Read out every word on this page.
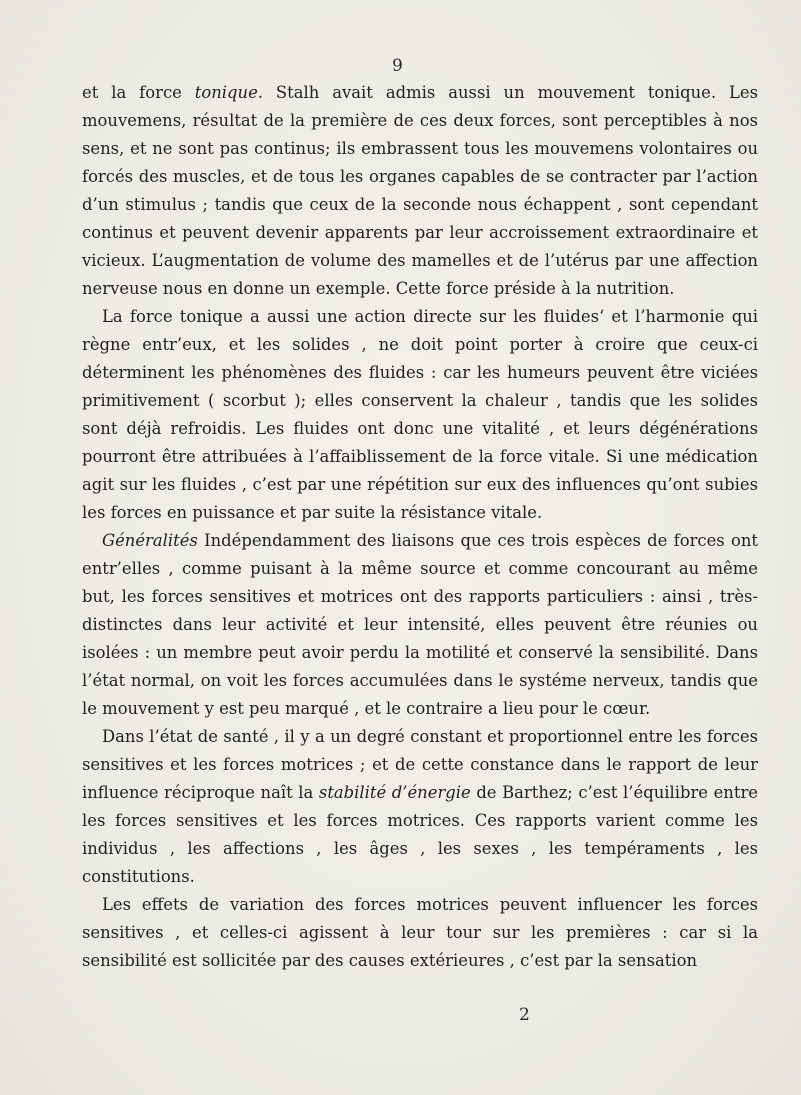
9

et la force tonique. Stalh avait admis aussi un mouvement tonique. Les mouvemens, résultat de la première de ces deux forces, sont perceptibles à nos sens, et ne sont pas continus; ils embrassent tous les mouvemens volontaires ou forcés des muscles, et de tous les organes capables de se contracter par l’action d’un stimulus ; tandis que ceux de la seconde nous échappent , sont cependant continus et peuvent devenir apparents par leur accroissement extraordinaire et vicieux. L’augmentation de volume des mamelles et de l’utérus par une affection nerveuse nous en donne un exemple. Cette force préside à la nutrition.

La force tonique a aussi une action directe sur les fluides‘ et l’harmonie qui règne entr’eux, et les solides , ne doit point porter à croire que ceux-ci déterminent les phénomènes des fluides : car les humeurs peuvent être viciées primitivement ( scorbut ); elles conservent la chaleur , tandis que les solides sont déjà refroidis. Les fluides ont donc une vitalité , et leurs dégénérations pourront être attribuées à l’affaiblissement de la force vitale. Si une médication agit sur les fluides , c’est par une répétition sur eux des influences qu’ont subies les forces en puissance et par suite la résistance vitale.

Généralités Indépendamment des liaisons que ces trois espèces de forces ont entr’elles , comme puisant à la même source et comme concourant au même but, les forces sensitives et motrices ont des rapports particuliers : ainsi , très-distinctes dans leur activité et leur intensité, elles peuvent être réunies ou isolées : un membre peut avoir perdu la motilité et conservé la sensibilité. Dans l’état normal, on voit les forces accumulées dans le systéme nerveux, tandis que le mouvement y est peu marqué , et le contraire a lieu pour le cœur.

Dans l’état de santé , il y a un degré constant et proportionnel entre les forces sensitives et les forces motrices ; et de cette constance dans le rapport de leur influence réciproque naît la stabilité d’énergie de Barthez; c’est l’équilibre entre les forces sensitives et les forces motrices. Ces rapports varient comme les individus , les affections , les âges , les sexes , les tempéraments , les constitutions.

Les effets de variation des forces motrices peuvent influencer les forces sensitives , et celles-ci agissent à leur tour sur les premières : car si la sensibilité est sollicitée par des causes extérieures , c’est par la sensation

2
